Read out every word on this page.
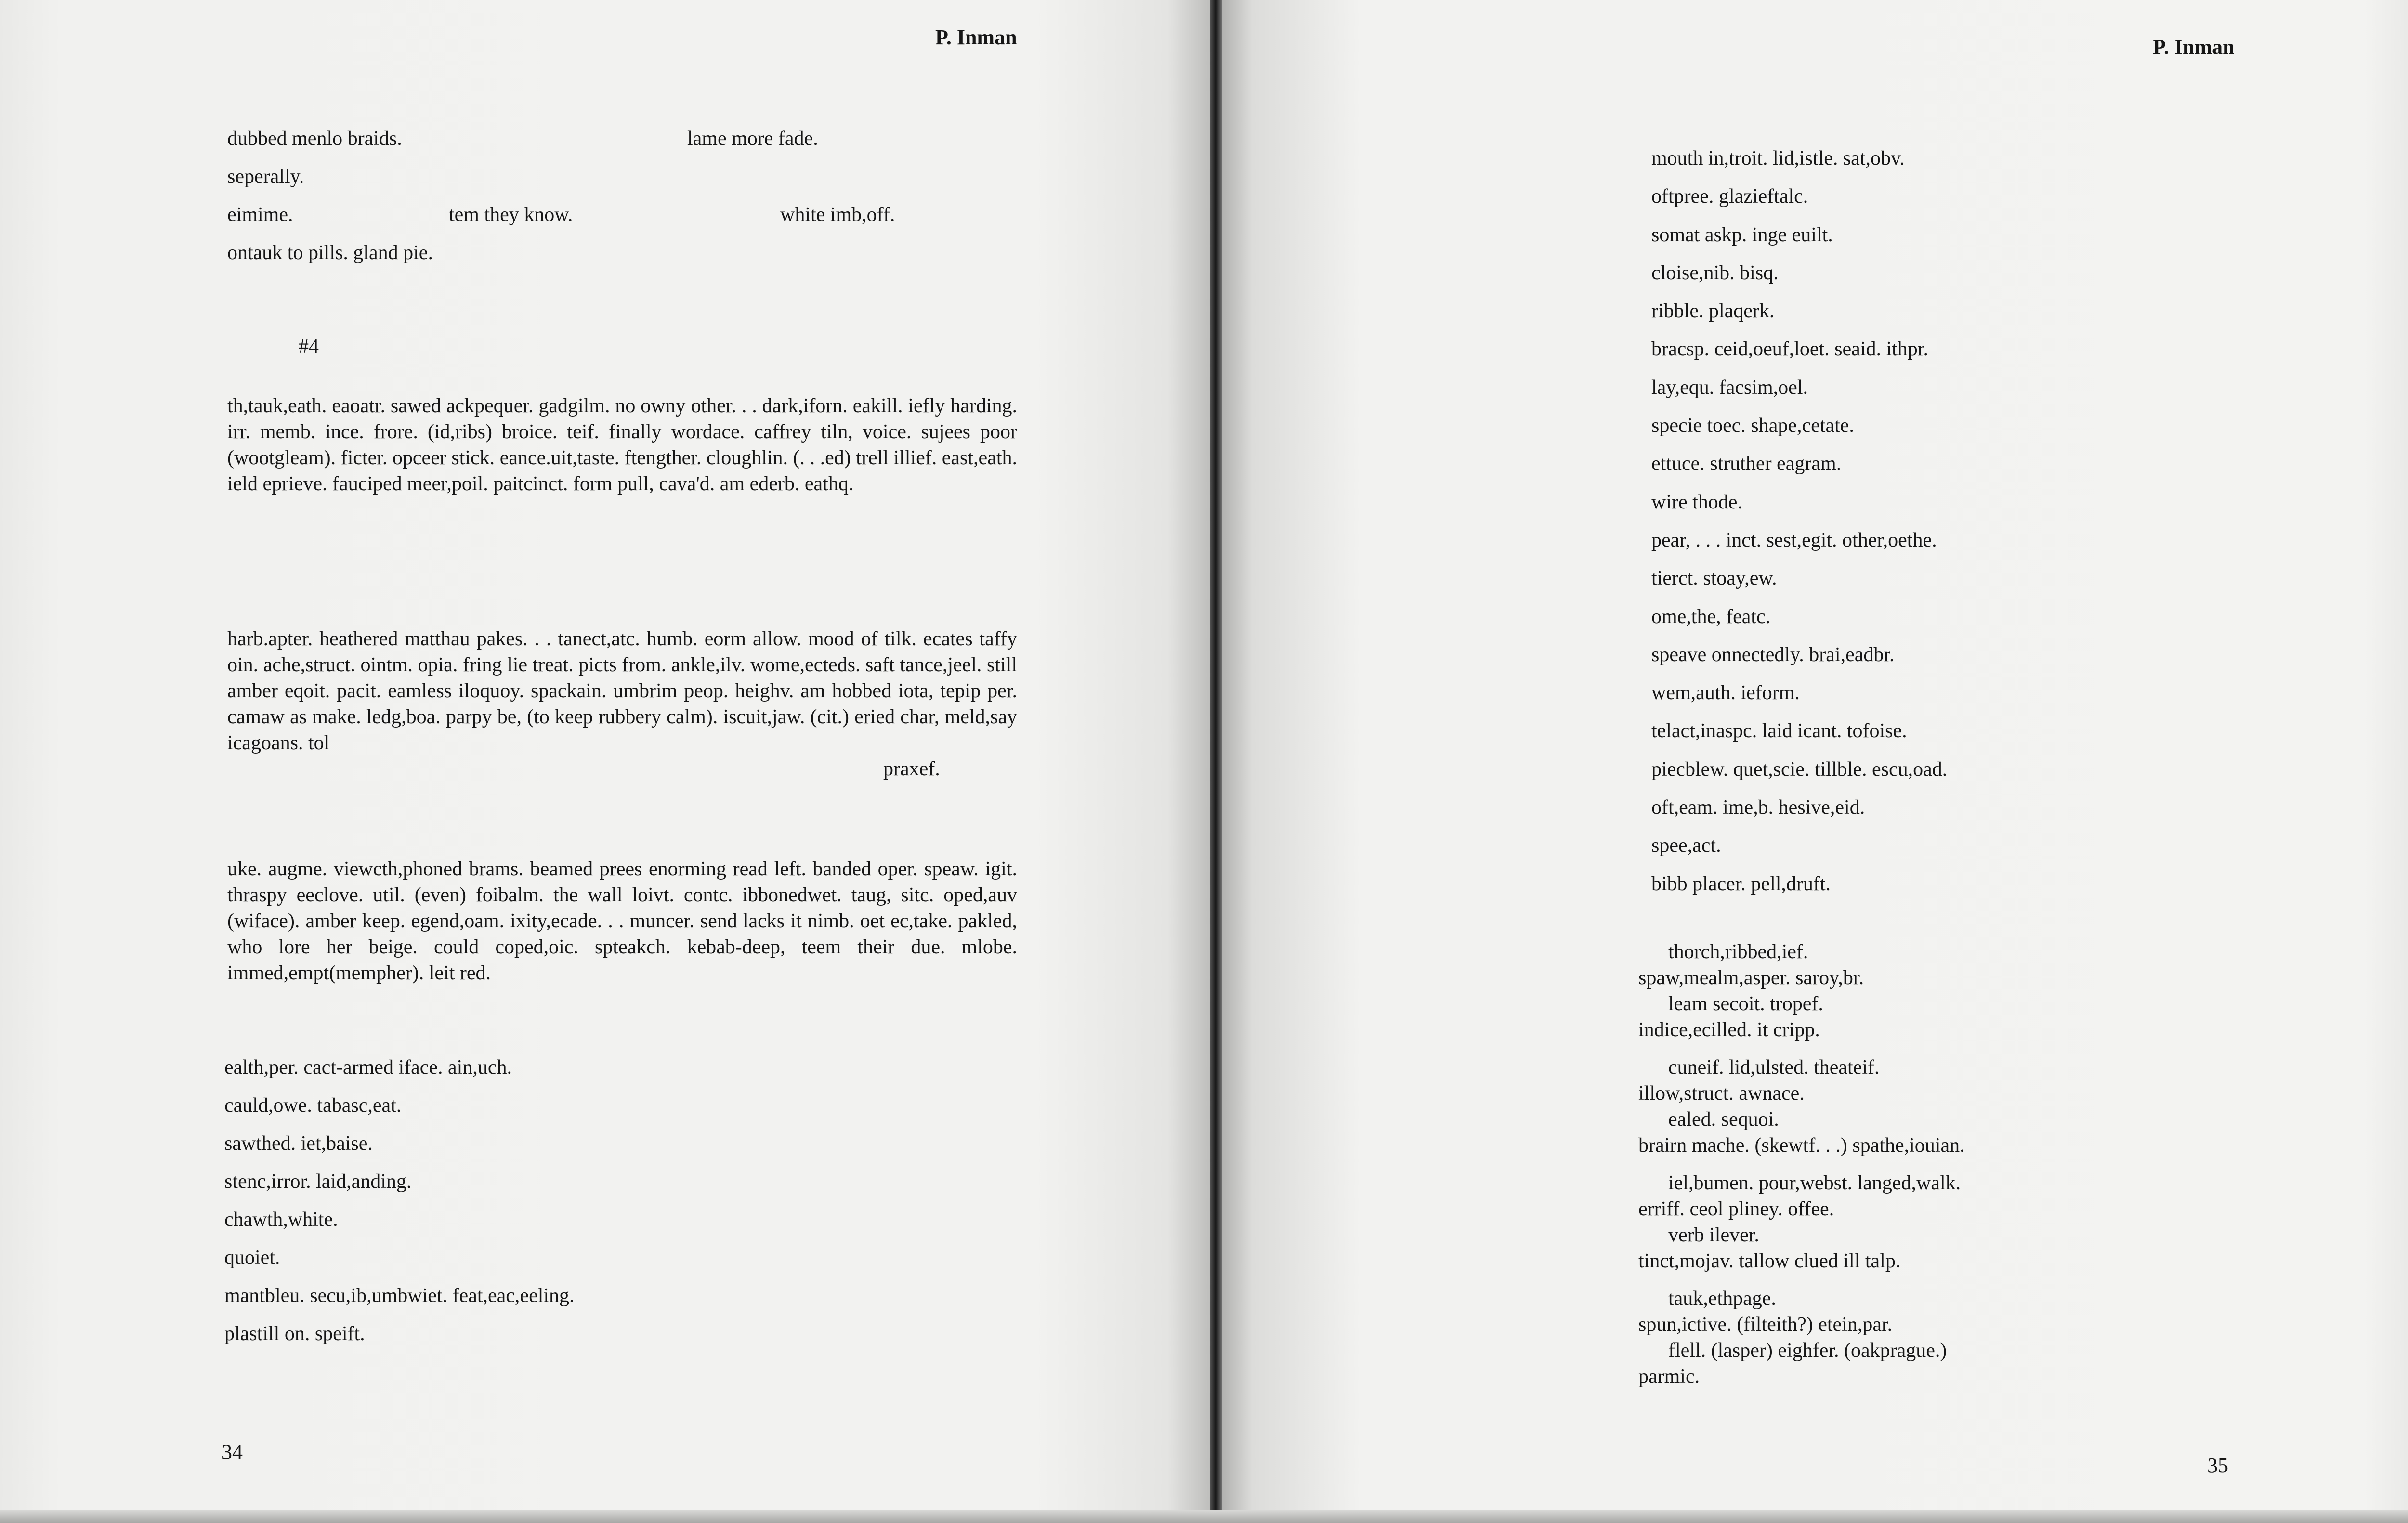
P. Inman
dubbed menlo braids.	lame more fade.
seperally.
eimime.	tem they know.	white imb,off.
ontauk to pills. gland pie.
#4

th,tauk,eath. eaoatr. sawed ackpequer. gadgilm. no owny other. . . dark,iforn. eakill. iefly harding. irr. memb. ince. frore. (id,ribs) broice. teif. finally wordace. caffrey tiln, voice. sujees poor (wootgleam). ficter. opceer stick. eance.uit,taste. ftengther. cloughlin. (. . .ed) trell illief. east,eath. ield eprieve. fauciped meer,poil. paitcinct. form pull, cava'd. am ederb. eathq.

harb.apter. heathered matthau pakes. . . tanect,atc. humb. eorm allow. mood of tilk. ecates taffy oin. ache,struct. ointm. opia. fring lie treat. picts from. ankle,ilv. wome,ecteds. saft tance,jeel. still amber eqoit. pacit. eamless iloquoy. spackain. umbrim peop. heighv. am hobbed iota, tepip per. camaw as make. ledg,boa. parpy be, (to keep rubbery calm). iscuit,jaw. (cit.) eried char, meld,say icagoans. tol

praxef.

uke. augme. viewcth,phoned brams. beamed prees enorming read left. banded oper. speaw. igit. thraspy eeclove. util. (even) foibalm. the wall loivt. contc. ibbonedwet. taug, sitc. oped,auv (wiface). amber keep. egend,oam. ixity,ecade. . . muncer. send lacks it nimb. oet ec,take. pakled, who lore her beige. could coped,oic. spteakch. kebab-deep, teem their due. mlobe. immed,empt(mempher). leit red.

ealth,per. cact-armed iface. ain,uch.
cauld,owe. tabasc,eat.
sawthed. iet,baise.
stenc,irror. laid,anding.
chawth,white.
quoiet.
mantbleu. secu,ib,umbwiet. feat,eac,eeling.
plastill on. speift.
34
P. Inman
mouth in,troit. lid,istle. sat,obv.
oftpree. glazieftalc.
somat askp. inge euilt.
cloise,nib. bisq.
ribble. plaqerk.
bracsp. ceid,oeuf,loet. seaid. ithpr.
lay,equ. facsim,oel.
specie toec. shape,cetate.
ettuce. struther eagram.
wire thode.
pear, . . . inct. sest,egit. other,oethe.
tierct. stoay,ew.
ome,the, featc.
speave onnectedly. brai,eadbr.
wem,auth. ieform.
telact,inaspc. laid icant. tofoise.
piecblew. quet,scie. tillble. escu,oad.
oft,eam. ime,b. hesive,eid.
spee,act.
bibb placer. pell,druft.
thorch,ribbed,ief.
spaw,mealm,asper. saroy,br.
leam secoit. tropef.
indice,ecilled. it cripp.
cuneif. lid,ulsted. theateif.
illow,struct. awnace.
ealed. sequoi.
brairn mache. (skewtf. . .) spathe,iouian.
iel,bumen. pour,webst. langed,walk.
erriff. ceol pliney. offee.
verb ilever.
tinct,mojav. tallow clued ill talp.
tauk,ethpage.
spun,ictive. (filteith?) etein,par.
flell. (lasper) eighfer. (oakprague.)
parmic.
35
